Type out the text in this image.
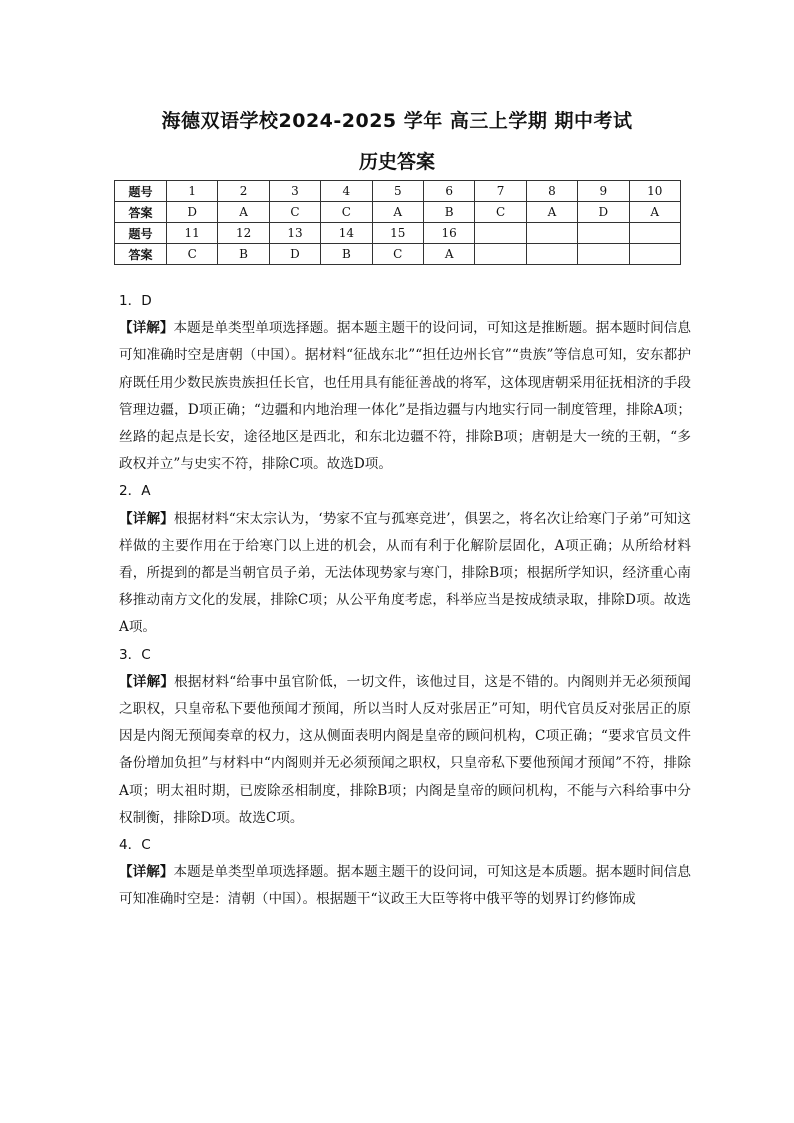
海德双语学校2024-2025 学年 高三上学期 期中考试
历史答案
题号	1	2	3	4	5	6	7	8	9	10
答案	D	A	C	C	A	B	C	A	D	A
题号	11	12	13	14	15	16				
答案	C	B	D	B	C	A				
1．D
【详解】本题是单类型单项选择题。据本题主题干的设问词，可知这是推断题。据本题时间信息可知准确时空是唐朝（中国）。据材料“征战东北”“担任边州长官”“贵族”等信息可知，安东都护府既任用少数民族贵族担任长官，也任用具有能征善战的将军，这体现唐朝采用征抚相济的手段管理边疆，D项正确；“边疆和内地治理一体化”是指边疆与内地实行同一制度管理，排除A项；丝路的起点是长安，途径地区是西北，和东北边疆不符，排除B项；唐朝是大一统的王朝，“多政权并立”与史实不符，排除C项。故选D项。
2．A
【详解】根据材料“宋太宗认为，‘势家不宜与孤寒竞进’，俱罢之，将名次让给寒门子弟”可知这样做的主要作用在于给寒门以上进的机会，从而有利于化解阶层固化，A项正确；从所给材料看，所提到的都是当朝官员子弟，无法体现势家与寒门，排除B项；根据所学知识，经济重心南移推动南方文化的发展，排除C项；从公平角度考虑，科举应当是按成绩录取，排除D项。故选A项。
3．C
【详解】根据材料“给事中虽官阶低，一切文件，该他过目，这是不错的。内阁则并无必须预闻之职权，只皇帝私下要他预闻才预闻，所以当时人反对张居正”可知，明代官员反对张居正的原因是内阁无预闻奏章的权力，这从侧面表明内阁是皇帝的顾问机构，C项正确；“要求官员文件备份增加负担”与材料中“内阁则并无必须预闻之职权，只皇帝私下要他预闻才预闻”不符，排除A项；明太祖时期，已废除丞相制度，排除B项；内阁是皇帝的顾问机构，不能与六科给事中分权制衡，排除D项。故选C项。
4．C
【详解】本题是单类型单项选择题。据本题主题干的设问词，可知这是本质题。据本题时间信息可知准确时空是：清朝（中国）。根据题干“议政王大臣等将中俄平等的划界订约修饰成
